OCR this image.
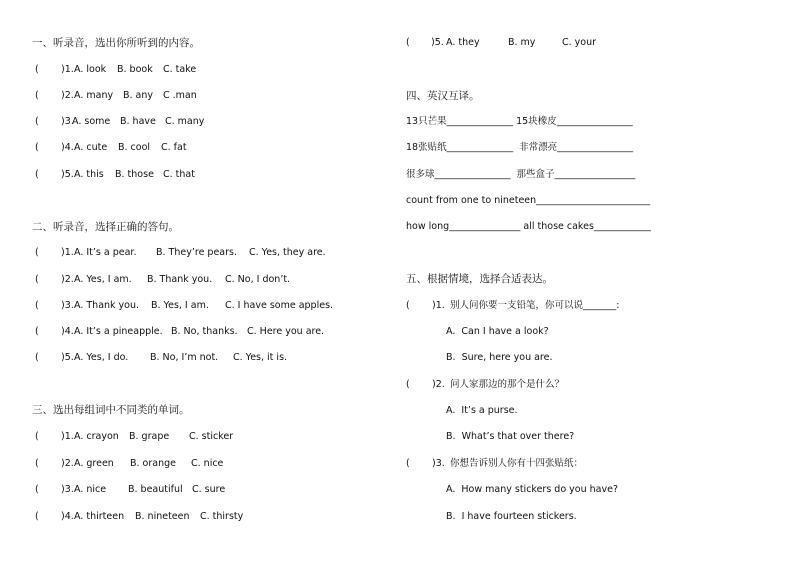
一、听录音，选出你所听到的内容。
( )1. A. look B. book C. take
( )2. A. many B. any C .man
( )3.
A. some B. have C. many
( )4. A. cute B. cool C. fat
( )5. A. this B. those C. that
二、听录音，选择正确的答句。
( )1. A. It’s a pear. B. They’re pears. C. Yes, they are.
( )2. A. Yes, I am. B. Thank you. C. No, I don’t.
( )3. A. Thank you. B. Yes, I am. C. I have some apples.
( )4. A. It’s a pineapple. B. No, thanks. C. Here you are.
( )5. A. Yes, I do. B. No, I’m not. C. Yes, it is.
三、选出每组词中不同类的单词。
( )1. A. crayon B. grape C. sticker
( )2. A. green B. orange C. nice
( )3. A. nice B. beautiful C. sure
( )4. A. thirteen B. nineteen C. thirsty
( )5. A. they	B. my	C. your
四、英汉互译。
13只芒果______________ 15块橡皮________________
18张贴纸______________  非常漂亮________________
很多球________________  那些盒子_________________
count from one to nineteen________________________
how long_______________ all those cakes____________
五、根据情境，选择合适表达。
( )1. 别人问你要一支铅笔，你可以说_______:
A.  Can I have a look?
B.  Sure, here you are.
( )2. 问人家那边的那个是什么？
A.  It’s a purse.
B.  What’s that over there?
( )3. 你想告诉别人你有十四张贴纸：
A.  How many stickers do you have?
B.  I have fourteen stickers.
